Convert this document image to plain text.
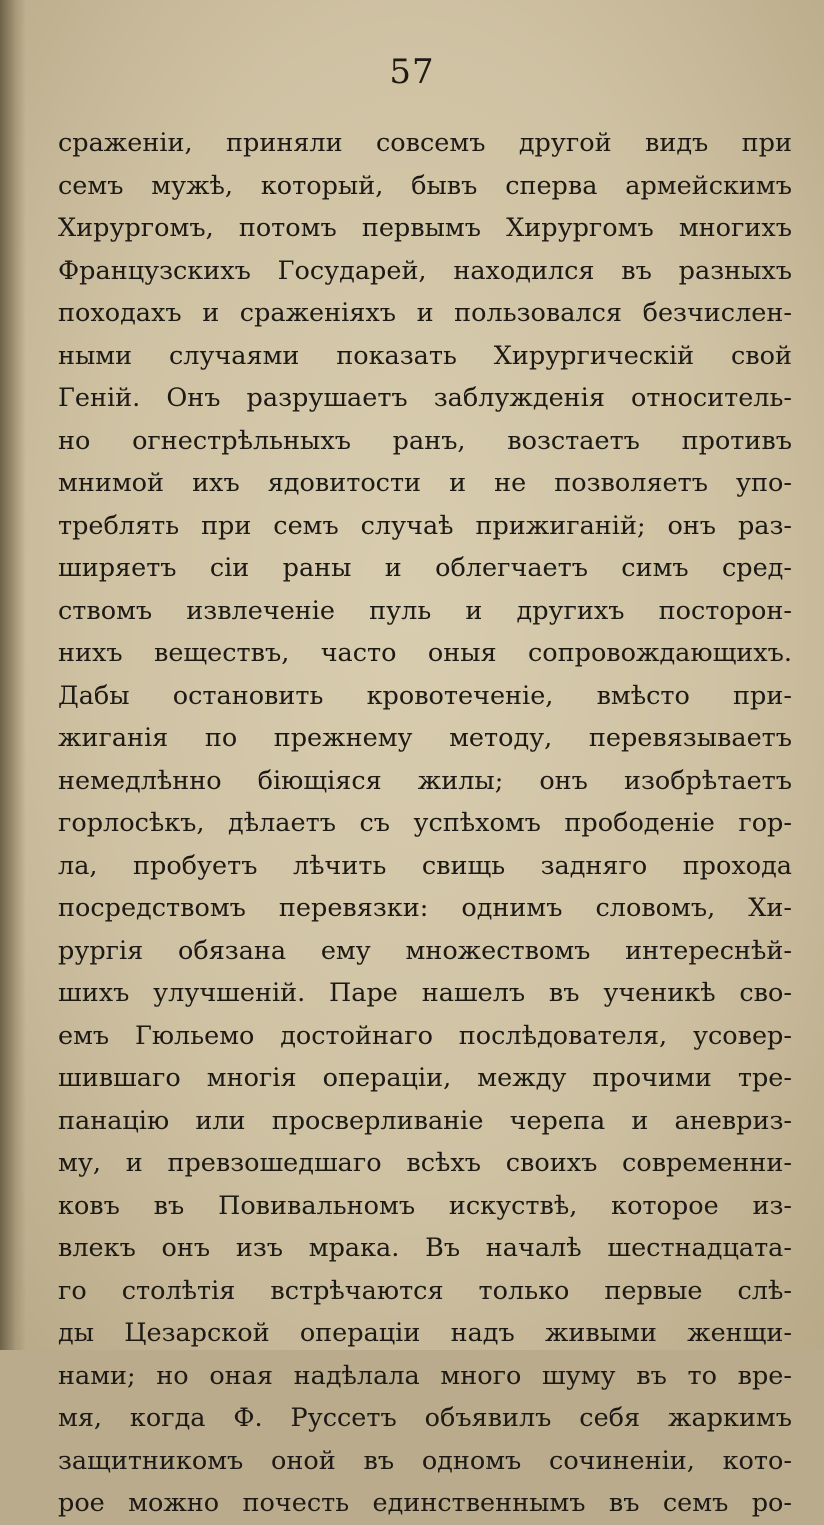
57
сраженіи, приняли совсемъ другой видъ при
семъ мужѣ, который, бывъ сперва армейскимъ
Хирургомъ, потомъ первымъ Хирургомъ многихъ
Французскихъ Государей, находился въ разныхъ
походахъ и сраженіяхъ и пользовался безчислен-
ными случаями показать Хирургическій свой
Геній. Онъ разрушаетъ заблужденія относитель-
но огнестрѣльныхъ ранъ, возстаетъ противъ
мнимой ихъ ядовитости и не позволяетъ упо-
треблять при семъ случаѣ прижиганій; онъ раз-
ширяетъ сіи раны и облегчаетъ симъ сред-
ствомъ извлеченіе пуль и другихъ посторон-
нихъ веществъ, часто оныя сопровождающихъ.
Дабы остановить кровотеченіе, вмѣсто при-
жиганія по прежнему методу, перевязываетъ
немедлѣнно біющіяся жилы; онъ изобрѣтаетъ
горлосѣкъ, дѣлаетъ съ успѣхомъ прободеніе гор-
ла, пробуетъ лѣчить свищь задняго прохода
посредствомъ перевязки: однимъ словомъ, Хи-
рургія обязана ему множествомъ интереснѣй-
шихъ улучшеній. Паре нашелъ въ ученикѣ сво-
емъ Гюльемо достойнаго послѣдователя, усовер-
шившаго многія операціи, между прочими тре-
панацію или просверливаніе черепа и аневриз-
му, и превзошедшаго всѣхъ своихъ современни-
ковъ въ Повивальномъ искуствѣ, которое из-
влекъ онъ изъ мрака. Въ началѣ шестнадцата-
го столѣтія встрѣчаются только первые слѣ-
ды Цезарской операціи надъ живыми женщи-
нами; но оная надѣлала много шуму въ то вре-
мя, когда Ф. Руссетъ объявилъ себя жаркимъ
защитникомъ оной въ одномъ сочиненіи, кото-
рое можно почесть единственнымъ въ семъ ро-
